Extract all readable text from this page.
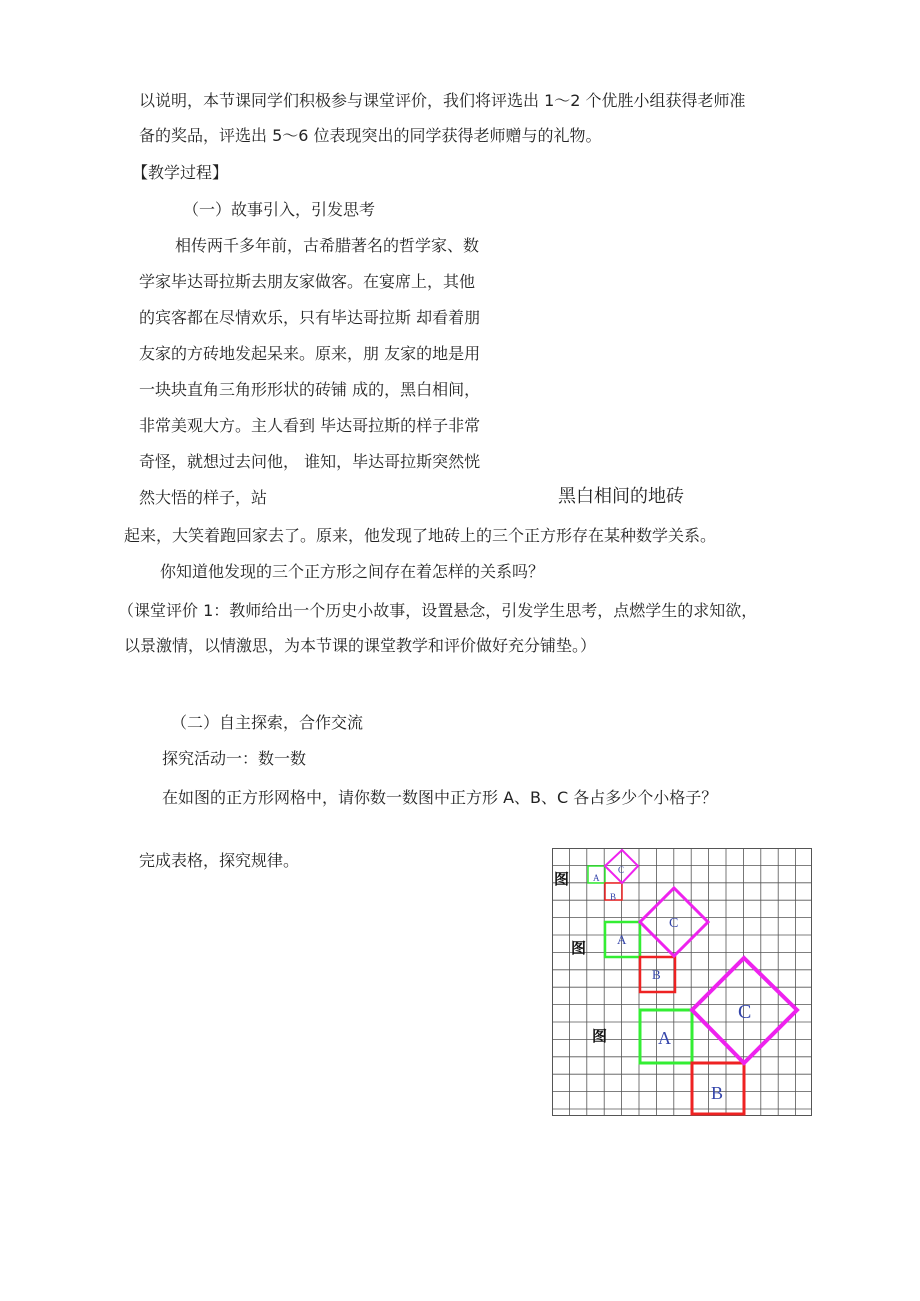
以说明，本节课同学们积极参与课堂评价，我们将评选出 1～2 个优胜小组获得老师准
备的奖品，评选出 5～6 位表现突出的同学获得老师赠与的礼物。
【教学过程】
（一）故事引入，引发思考
相传两千多年前，古希腊著名的哲学家、数
学家毕达哥拉斯去朋友家做客。在宴席上，其他
的宾客都在尽情欢乐，只有毕达哥拉斯 却看着朋
友家的方砖地发起呆来。原来，朋 友家的地是用
一块块直角三角形形状的砖铺 成的，黑白相间，
非常美观大方。主人看到 毕达哥拉斯的样子非常
奇怪，就想过去问他， 谁知，毕达哥拉斯突然恍
然大悟的样子，站	黑白相间的地砖
起来，大笑着跑回家去了。原来，他发现了地砖上的三个正方形存在某种数学关系。
你知道他发现的三个正方形之间存在着怎样的关系吗？
（课堂评价 1：教师给出一个历史小故事，设置悬念，引发学生思考，点燃学生的求知欲，
以景激情，以情激思，为本节课的课堂教学和评价做好充分铺垫。）
（二）自主探索，合作交流
探究活动一：数一数
在如图的正方形网格中，请你数一数图中正方形 A、B、C 各占多少个小格子？
完成表格，探究规律。
图
图
图
A
B
C
A
B
C
A
B
C
